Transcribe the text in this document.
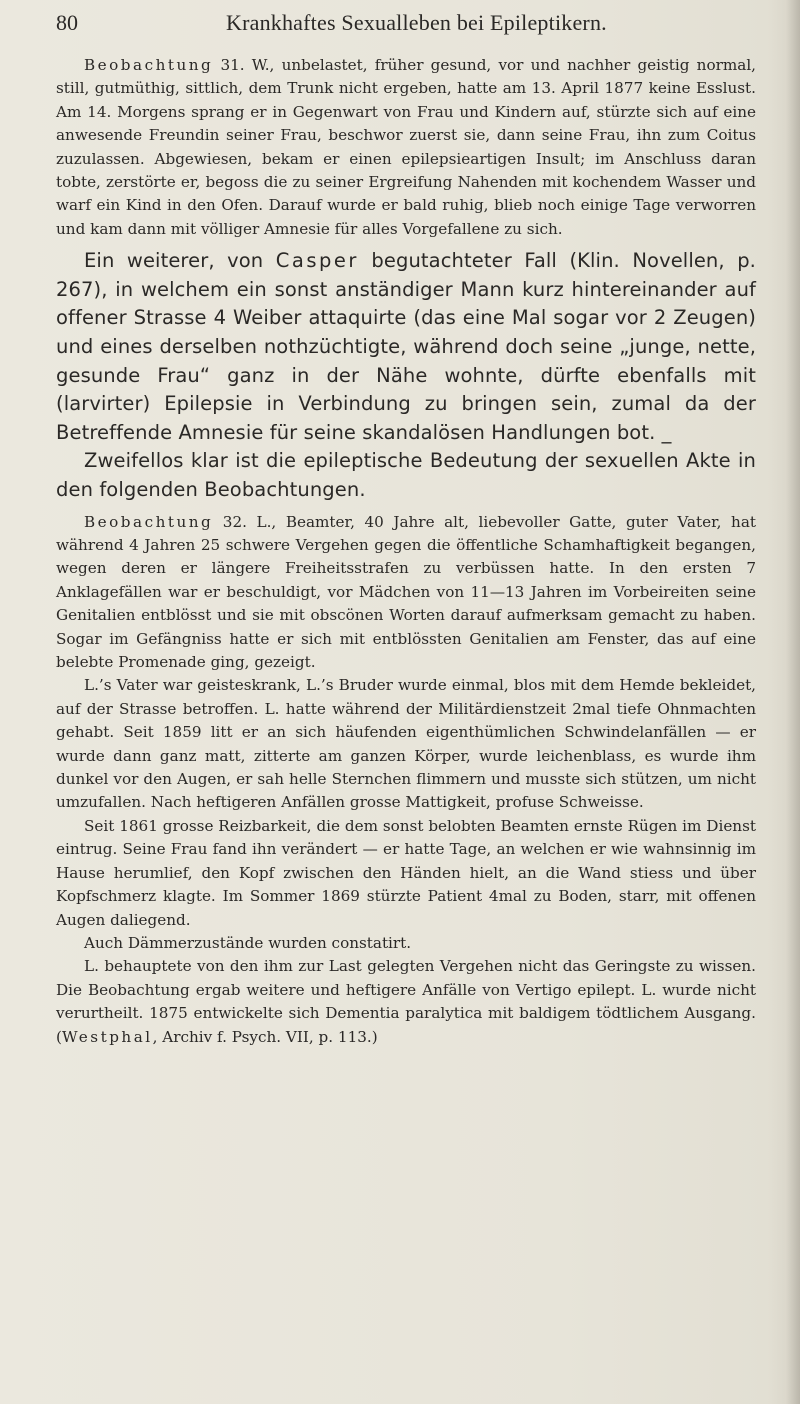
80	Krankhaftes Sexualleben bei Epileptikern.

Beobachtung 31. W., unbelastet, früher gesund, vor und nachher geistig normal, still, gutmüthig, sittlich, dem Trunk nicht ergeben, hatte am 13. April 1877 keine Esslust. Am 14. Morgens sprang er in Gegenwart von Frau und Kindern auf, stürzte sich auf eine anwesende Freundin seiner Frau, beschwor zuerst sie, dann seine Frau, ihn zum Coitus zuzulassen. Abgewiesen, bekam er einen epilepsieartigen Insult; im Anschluss daran tobte, zerstörte er, begoss die zu seiner Ergreifung Nahenden mit kochendem Wasser und warf ein Kind in den Ofen. Darauf wurde er bald ruhig, blieb noch einige Tage verworren und kam dann mit völliger Amnesie für alles Vorgefallene zu sich.

Ein weiterer, von Casper begutachteter Fall (Klin. Novellen, p. 267), in welchem ein sonst anständiger Mann kurz hintereinander auf offener Strasse 4 Weiber attaquirte (das eine Mal sogar vor 2 Zeugen) und eines derselben nothzüchtigte, während doch seine „junge, nette, gesunde Frau“ ganz in der Nähe wohnte, dürfte ebenfalls mit (larvirter) Epilepsie in Verbindung zu bringen sein, zumal da der Betreffende Amnesie für seine skandalösen Handlungen bot. _

Zweifellos klar ist die epileptische Bedeutung der sexuellen Akte in den folgenden Beobachtungen.

Beobachtung 32. L., Beamter, 40 Jahre alt, liebevoller Gatte, guter Vater, hat während 4 Jahren 25 schwere Vergehen gegen die öffentliche Schamhaftigkeit begangen, wegen deren er längere Freiheitsstrafen zu verbüssen hatte. In den ersten 7 Anklagefällen war er beschuldigt, vor Mädchen von 11—13 Jahren im Vorbeireiten seine Genitalien entblösst und sie mit obscönen Worten darauf aufmerksam gemacht zu haben. Sogar im Gefängniss hatte er sich mit entblössten Genitalien am Fenster, das auf eine belebte Promenade ging, gezeigt.

L.’s Vater war geisteskrank, L.’s Bruder wurde einmal, blos mit dem Hemde bekleidet, auf der Strasse betroffen. L. hatte während der Militärdienstzeit 2mal tiefe Ohnmachten gehabt. Seit 1859 litt er an sich häufenden eigenthümlichen Schwindelanfällen — er wurde dann ganz matt, zitterte am ganzen Körper, wurde leichenblass, es wurde ihm dunkel vor den Augen, er sah helle Sternchen flimmern und musste sich stützen, um nicht umzufallen. Nach heftigeren Anfällen grosse Mattigkeit, profuse Schweisse.

Seit 1861 grosse Reizbarkeit, die dem sonst belobten Beamten ernste Rügen im Dienst eintrug. Seine Frau fand ihn verändert — er hatte Tage, an welchen er wie wahnsinnig im Hause herumlief, den Kopf zwischen den Händen hielt, an die Wand stiess und über Kopfschmerz klagte. Im Sommer 1869 stürzte Patient 4mal zu Boden, starr, mit offenen Augen daliegend.

Auch Dämmerzustände wurden constatirt.

L. behauptete von den ihm zur Last gelegten Vergehen nicht das Geringste zu wissen. Die Beobachtung ergab weitere und heftigere Anfälle von Vertigo epilept. L. wurde nicht verurtheilt. 1875 entwickelte sich Dementia paralytica mit baldigem tödtlichem Ausgang. (Westphal, Archiv f. Psych. VII, p. 113.)
